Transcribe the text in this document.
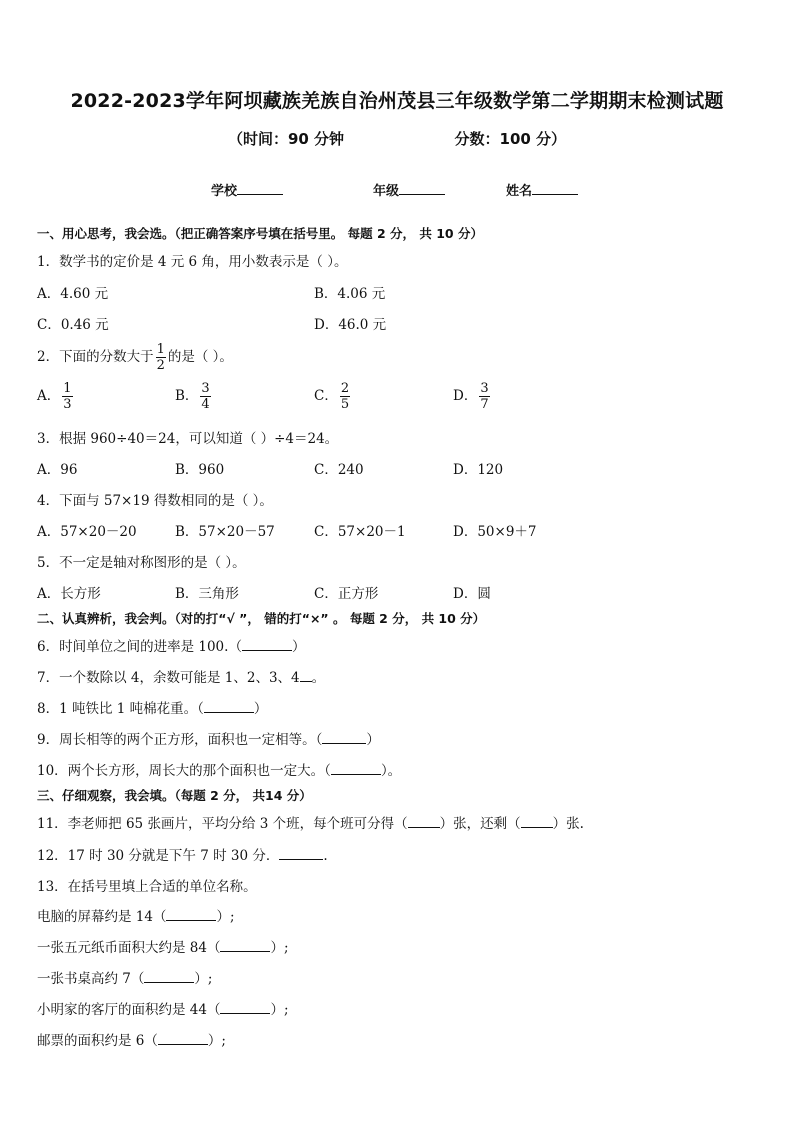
2022-2023学年阿坝藏族羌族自治州茂县三年级数学第二学期期末检测试题
（时间：90 分钟	分数：100 分）
学校	年级	姓名
一、用心思考，我会选。（把正确答案序号填在括号里。 每题 2 分， 共 10 分）
1．数学书的定价是 4 元 6 角，用小数表示是（ ）。
A．4.60 元	B．4.06 元
C．0.46 元	D．46.0 元
2．下面的分数大于 $\frac{1}{2}$ 的是（ ）。
A． $\frac{1}{3}$	B． $\frac{3}{4}$	C． $\frac{2}{5}$	D． $\frac{3}{7}$
3．根据 960÷40＝24，可以知道（ ）÷4＝24。
A．96	B．960	C．240	D．120
4．下面与 57×19 得数相同的是（ ）。
A．57×20－20	B．57×20－57	C．57×20－1	D．50×9＋7
5．不一定是轴对称图形的是（ ）。
A．长方形	B．三角形	C．正方形	D．圆
二、认真辨析，我会判。（对的打“√ ”， 错的打“×” 。 每题 2 分， 共 10 分）
6．时间单位之间的进率是 100.（	）
7．一个数除以 4，余数可能是 1、2、3、4 。
8．1 吨铁比 1 吨棉花重。（	）
9．周长相等的两个正方形，面积也一定相等。（	）
10．两个长方形，周长大的那个面积也一定大。（	）。
三、仔细观察，我会填。（每题 2 分， 共14 分）
11．李老师把 65 张画片，平均分给 3 个班，每个班可分得（ ）张，还剩（ ）张.
12．17 时 30 分就是下午 7 时 30 分．	.
13．在括号里填上合适的单位名称。
电脑的屏幕约是 14（	）;
一张五元纸币面积大约是 84（	）;
一张书桌高约 7（	）;
小明家的客厅的面积约是 44（	）;
邮票的面积约是 6（	）;
